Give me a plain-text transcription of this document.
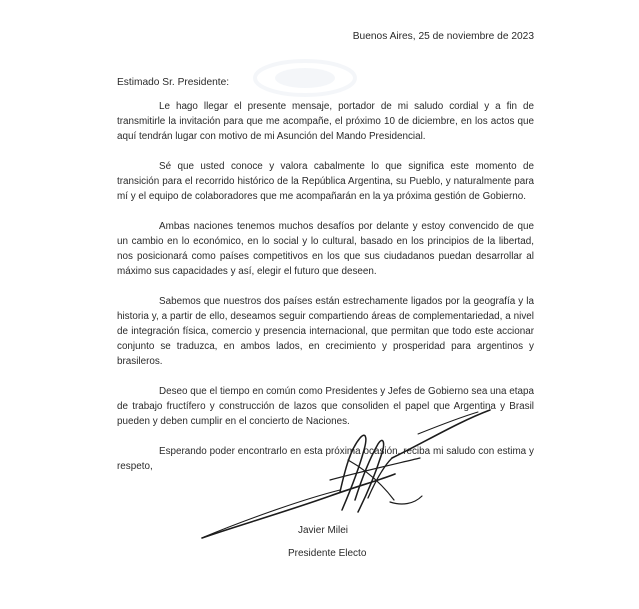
Buenos Aires, 25 de noviembre de 2023
Estimado Sr. Presidente:

Le hago llegar el presente mensaje, portador de mi saludo cordial y a fin de transmitirle la invitación para que me acompañe, el próximo 10 de diciembre, en los actos que aquí tendrán lugar con motivo de mi Asunción del Mando Presidencial.

Sé que usted conoce y valora cabalmente lo que significa este momento de transición para el recorrido histórico de la República Argentina, su Pueblo, y naturalmente para mí y el equipo de colaboradores que me acompañarán en la ya próxima gestión de Gobierno.

Ambas naciones tenemos muchos desafíos por delante y estoy convencido de que un cambio en lo económico, en lo social y lo cultural, basado en los principios de la libertad, nos posicionará como países competitivos en los que sus ciudadanos puedan desarrollar al máximo sus capacidades y así, elegir el futuro que deseen.

Sabemos que nuestros dos países están estrechamente ligados por la geografía y la historia y, a partir de ello, deseamos seguir compartiendo áreas de complementariedad, a nivel de integración física, comercio y presencia internacional, que permitan que todo este accionar conjunto se traduzca, en ambos lados, en crecimiento y prosperidad para argentinos y brasileros.

Deseo que el tiempo en común como Presidentes y Jefes de Gobierno sea una etapa de trabajo fructífero y construcción de lazos que consoliden el papel que Argentina y Brasil pueden y deben cumplir en el concierto de Naciones.

Esperando poder encontrarlo en esta próxima ocasión, reciba mi saludo con estima y respeto,

Javier Milei
Presidente Electo
